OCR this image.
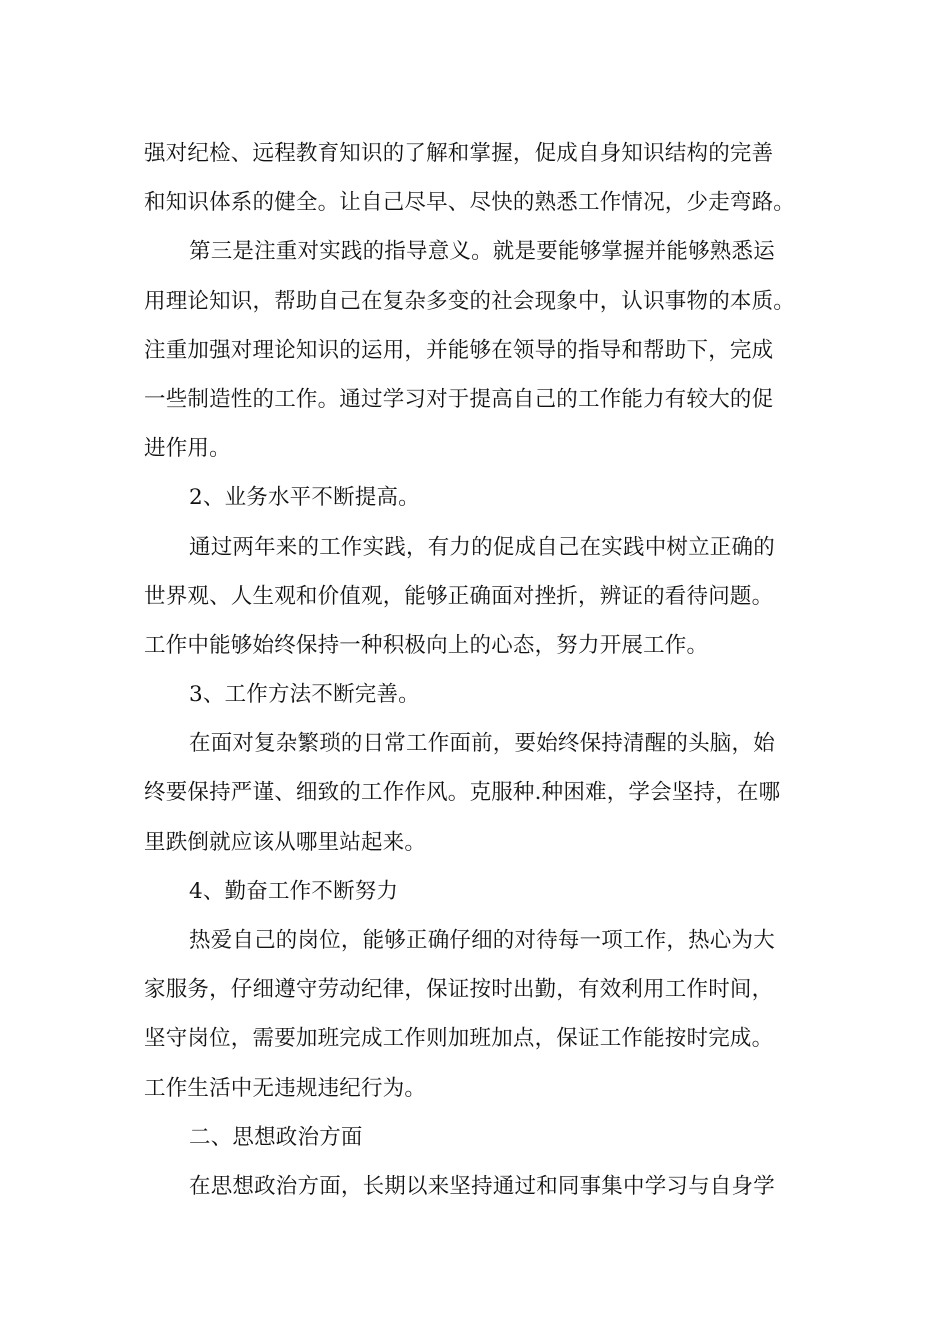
强对纪检、远程教育知识的了解和掌握，促成自身知识结构的完善
和知识体系的健全。让自己尽早、尽快的熟悉工作情况，少走弯路。
第三是注重对实践的指导意义。就是要能够掌握并能够熟悉运
用理论知识，帮助自己在复杂多变的社会现象中，认识事物的本质。
注重加强对理论知识的运用，并能够在领导的指导和帮助下，完成
一些制造性的工作。通过学习对于提高自己的工作能力有较大的促
进作用。
2、业务水平不断提高。
通过两年来的工作实践，有力的促成自己在实践中树立正确的
世界观、人生观和价值观，能够正确面对挫折，辨证的看待问题。
工作中能够始终保持一种积极向上的心态，努力开展工作。
3、工作方法不断完善。
在面对复杂繁琐的日常工作面前，要始终保持清醒的头脑，始
终要保持严谨、细致的工作作风。克服种.种困难，学会坚持，在哪
里跌倒就应该从哪里站起来。
4、勤奋工作不断努力
热爱自己的岗位，能够正确仔细的对待每一项工作，热心为大
家服务，仔细遵守劳动纪律，保证按时出勤，有效利用工作时间，
坚守岗位，需要加班完成工作则加班加点，保证工作能按时完成。
工作生活中无违规违纪行为。
二、思想政治方面
在思想政治方面，长期以来坚持通过和同事集中学习与自身学
